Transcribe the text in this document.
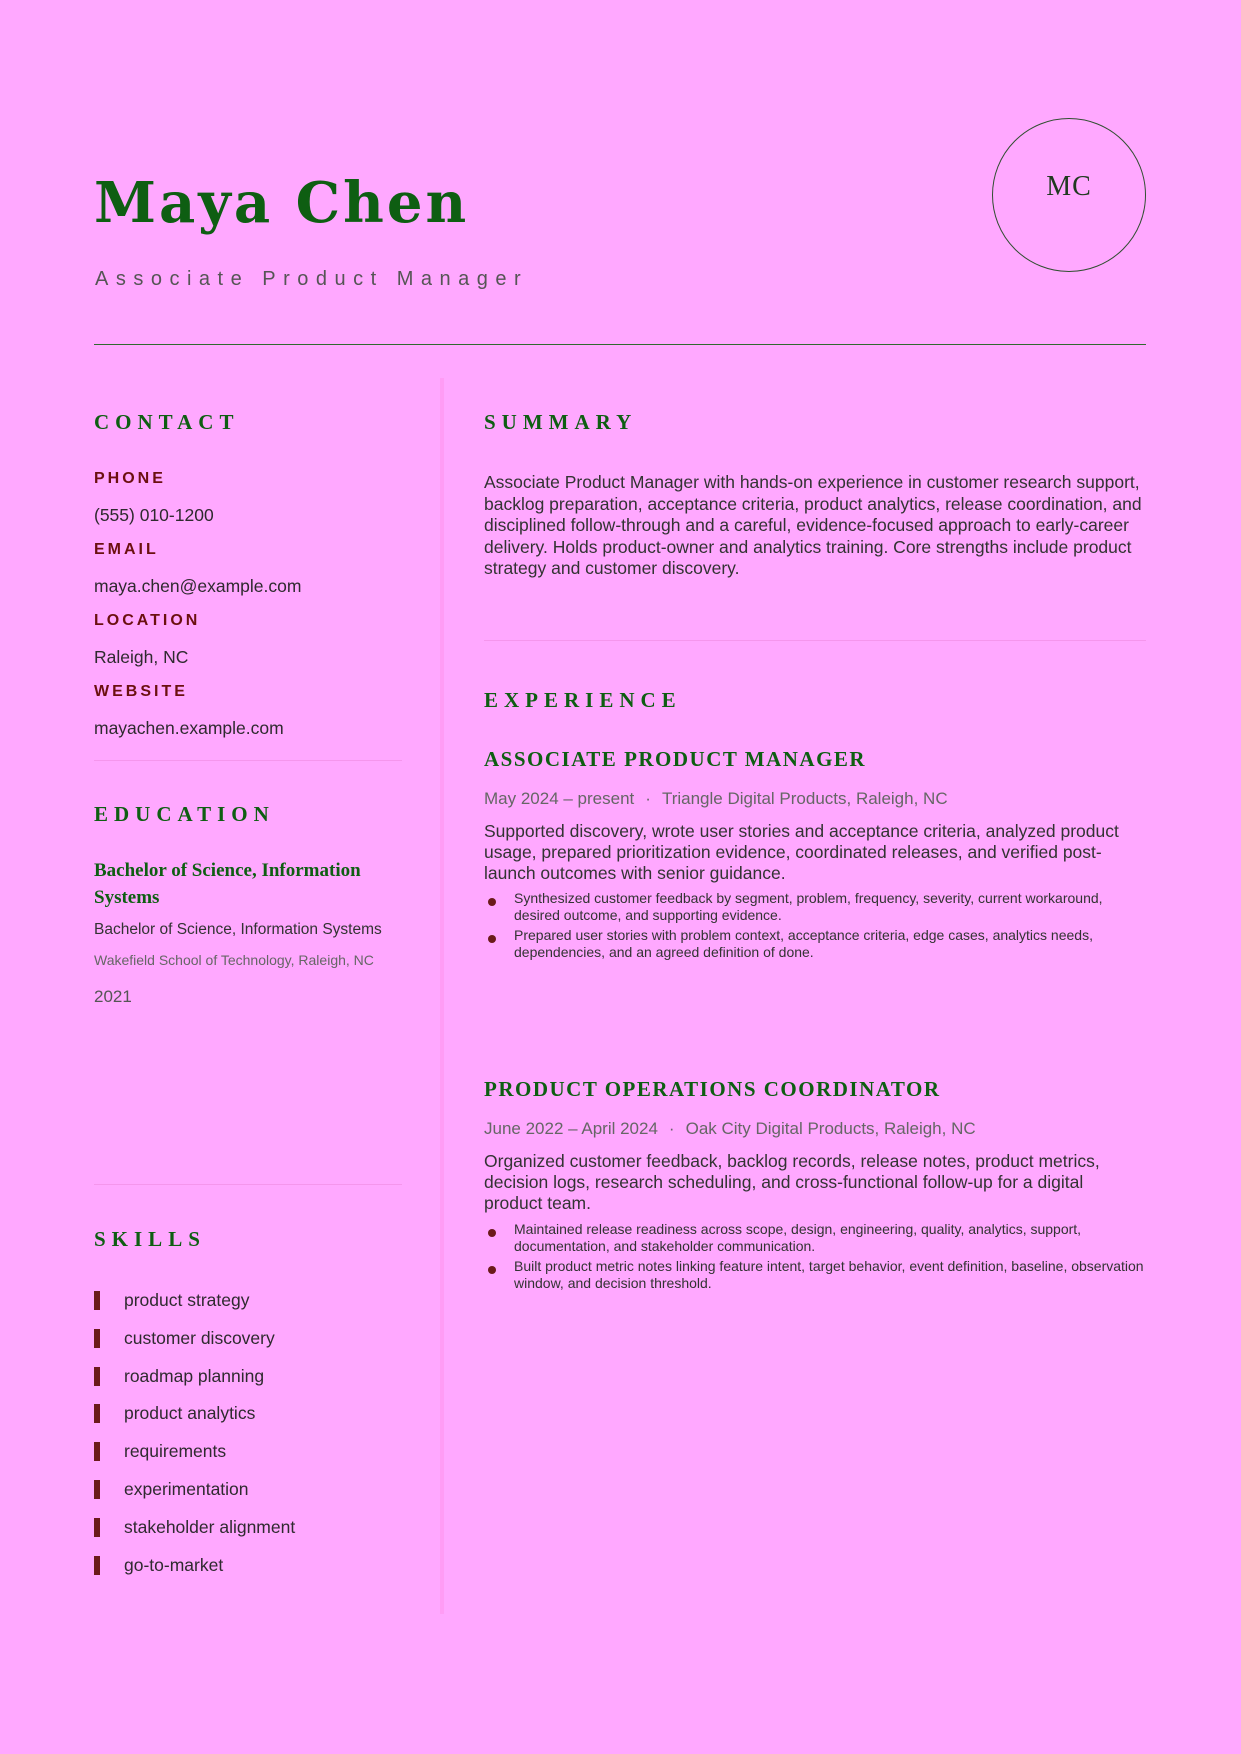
Maya Chen
Associate Product Manager
MC
CONTACT
PHONE
(555) 010-1200
EMAIL
maya.chen@example.com
LOCATION
Raleigh, NC
WEBSITE
mayachen.example.com
EDUCATION
Bachelor of Science, Information Systems
Bachelor of Science, Information Systems
Wakefield School of Technology, Raleigh, NC
2021
SKILLS
product strategy
customer discovery
roadmap planning
product analytics
requirements
experimentation
stakeholder alignment
go-to-market
SUMMARY
Associate Product Manager with hands-on experience in customer research support, backlog preparation, acceptance criteria, product analytics, release coordination, and disciplined follow-through and a careful, evidence-focused approach to early-career delivery. Holds product-owner and analytics training. Core strengths include product strategy and customer discovery.
EXPERIENCE
ASSOCIATE PRODUCT MANAGER
May 2024 – present · Triangle Digital Products, Raleigh, NC
Supported discovery, wrote user stories and acceptance criteria, analyzed product usage, prepared prioritization evidence, coordinated releases, and verified post-launch outcomes with senior guidance.
Synthesized customer feedback by segment, problem, frequency, severity, current workaround, desired outcome, and supporting evidence.
Prepared user stories with problem context, acceptance criteria, edge cases, analytics needs, dependencies, and an agreed definition of done.
PRODUCT OPERATIONS COORDINATOR
June 2022 – April 2024 · Oak City Digital Products, Raleigh, NC
Organized customer feedback, backlog records, release notes, product metrics, decision logs, research scheduling, and cross-functional follow-up for a digital product team.
Maintained release readiness across scope, design, engineering, quality, analytics, support, documentation, and stakeholder communication.
Built product metric notes linking feature intent, target behavior, event definition, baseline, observation window, and decision threshold.
